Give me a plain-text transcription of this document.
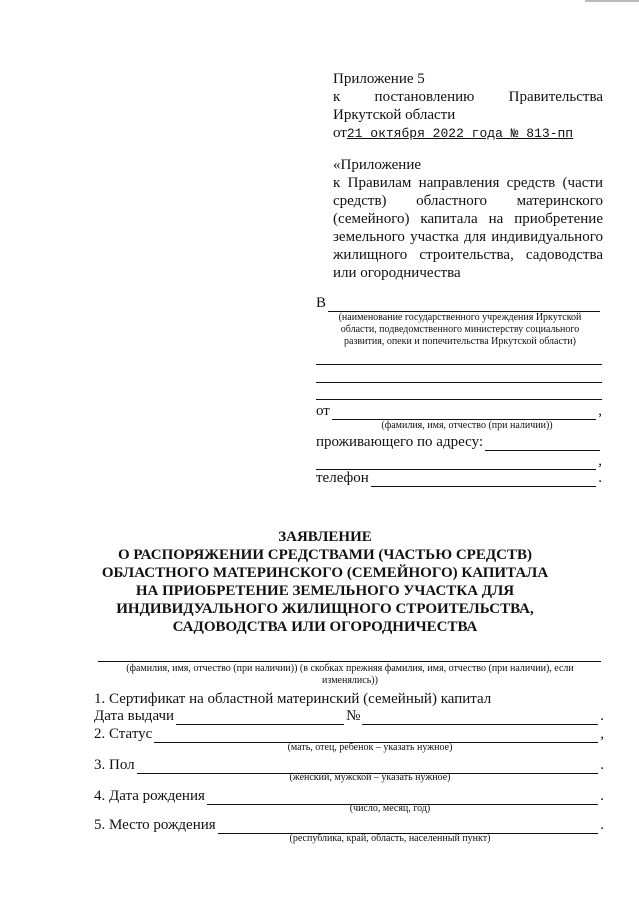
Приложение 5
к постановлению Правительства
Иркутской области
от21 октября 2022 года № 813-пп
«Приложение
к Правилам направления средств (части средств) областного материнского (семейного) капитала на приобретение земельного участка для индивидуального жилищного строительства, садоводства или огородничества
В
(наименование государственного учреждения Иркутской области, подведомственного министерству социального развития, опеки и попечительства Иркутской области)
от	,
(фамилия, имя, отчество (при наличии))
проживающего по адресу:
,
телефон	.
ЗАЯВЛЕНИЕ
О РАСПОРЯЖЕНИИ СРЕДСТВАМИ (ЧАСТЬЮ СРЕДСТВ)
ОБЛАСТНОГО МАТЕРИНСКОГО (СЕМЕЙНОГО) КАПИТАЛА
НА ПРИОБРЕТЕНИЕ ЗЕМЕЛЬНОГО УЧАСТКА ДЛЯ
ИНДИВИДУАЛЬНОГО ЖИЛИЩНОГО СТРОИТЕЛЬСТВА,
САДОВОДСТВА ИЛИ ОГОРОДНИЧЕСТВА
(фамилия, имя, отчество (при наличии)) (в скобках прежняя фамилия, имя, отчество (при наличии), если изменялись))
1. Сертификат на областной материнский (семейный) капитал
Дата выдачи	№	.
2. Статус	,
(мать, отец, ребенок – указать нужное)
3. Пол	.
(женский, мужской – указать нужное)
4. Дата рождения	.
(число, месяц, год)
5. Место рождения	.
(республика, край, область, населенный пункт)
